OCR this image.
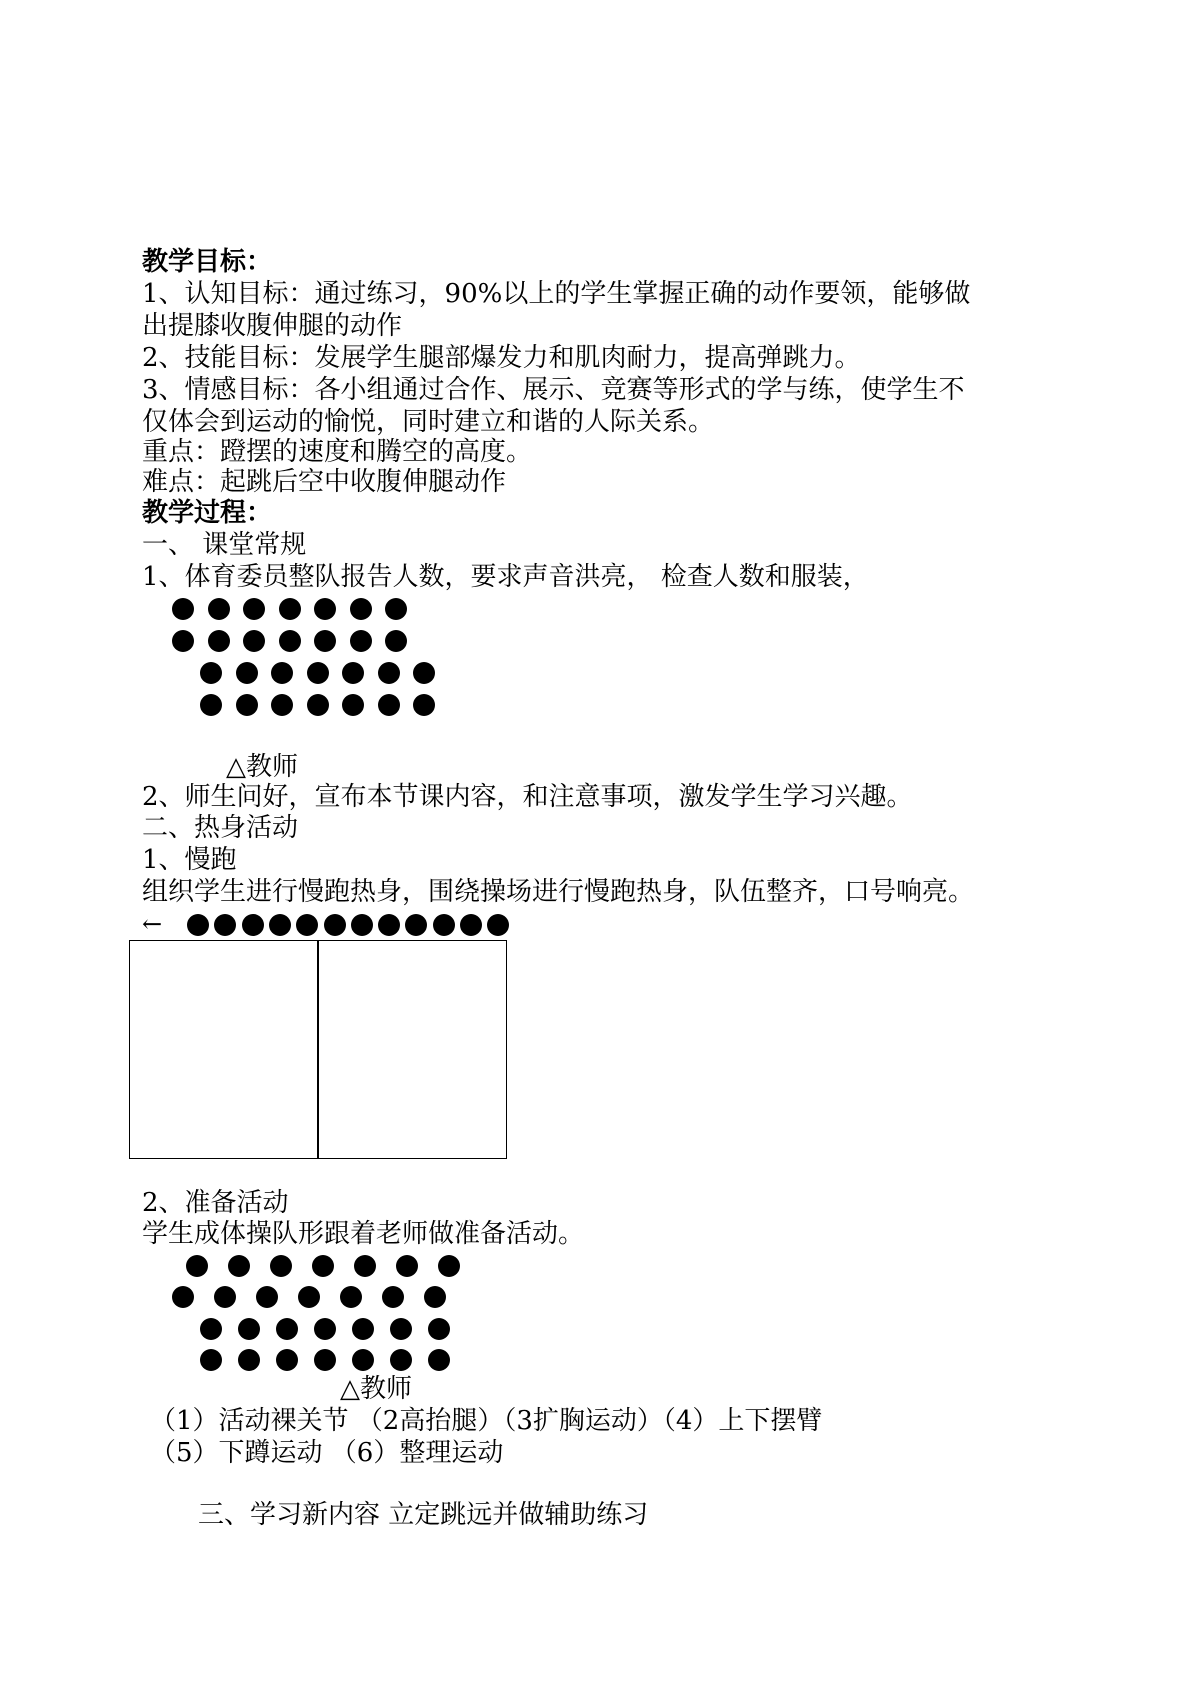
教学目标：
1、认知目标：通过练习，90%以上的学生掌握正确的动作要领，能够做
出提膝收腹伸腿的动作
2、技能目标：发展学生腿部爆发力和肌肉耐力，提高弹跳力。
3、情感目标：各小组通过合作、展示、竞赛等形式的学与练，使学生不
仅体会到运动的愉悦，同时建立和谐的人际关系。
重点：蹬摆的速度和腾空的高度。
难点：起跳后空中收腹伸腿动作
教学过程：
一、 课堂常规
1、体育委员整队报告人数，要求声音洪亮， 检查人数和服装，
△教师
2、师生问好，宣布本节课内容，和注意事项，激发学生学习兴趣。
二、热身活动
1、慢跑
组织学生进行慢跑热身，围绕操场进行慢跑热身，队伍整齐，口号响亮。
←
2、准备活动
学生成体操队形跟着老师做准备活动。
△教师
（1）活动裸关节 （2高抬腿）（3扩胸运动）（4）上下摆臂
（5）下蹲运动 （6）整理运动
三、学习新内容 立定跳远并做辅助练习
